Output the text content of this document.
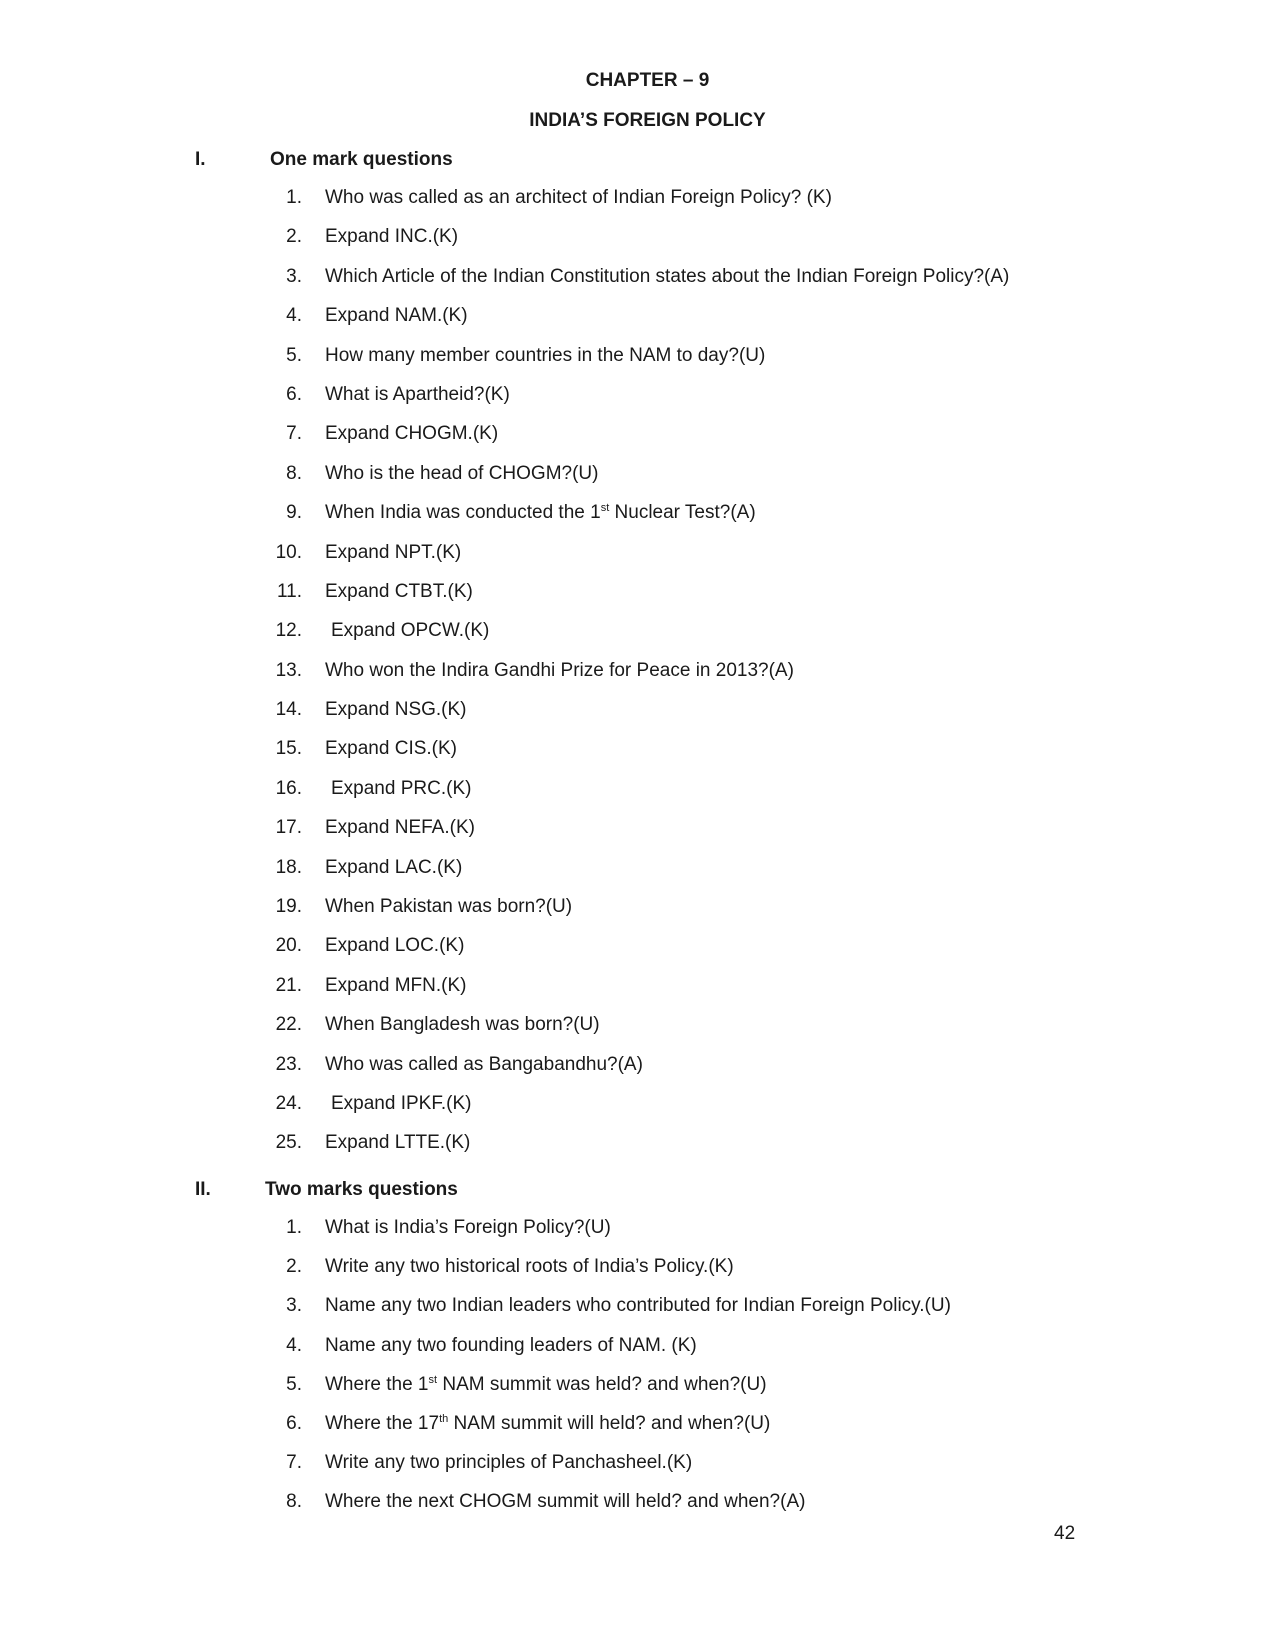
CHAPTER – 9
INDIA’S FOREIGN POLICY
I.	One mark questions
1. Who was called as an architect of Indian Foreign Policy? (K)
2. Expand INC.(K)
3. Which Article of the Indian Constitution states about the Indian Foreign Policy?(A)
4. Expand NAM.(K)
5. How many member countries in the NAM to day?(U)
6. What is Apartheid?(K)
7. Expand CHOGM.(K)
8. Who is the head of CHOGM?(U)
9. When India was conducted the 1st Nuclear Test?(A)
10. Expand NPT.(K)
11. Expand CTBT.(K)
12. Expand OPCW.(K)
13. Who won the Indira Gandhi Prize for Peace in 2013?(A)
14. Expand NSG.(K)
15. Expand CIS.(K)
16. Expand PRC.(K)
17. Expand NEFA.(K)
18. Expand LAC.(K)
19. When Pakistan was born?(U)
20. Expand LOC.(K)
21. Expand MFN.(K)
22. When Bangladesh was born?(U)
23. Who was called as Bangabandhu?(A)
24. Expand IPKF.(K)
25. Expand LTTE.(K)
II.	Two marks questions
1. What is India’s Foreign Policy?(U)
2. Write any two historical roots of India’s Policy.(K)
3. Name any two Indian leaders who contributed for Indian Foreign Policy.(U)
4. Name any two founding leaders of NAM. (K)
5. Where the 1st NAM summit was held? and when?(U)
6. Where the 17th NAM summit will held? and when?(U)
7. Write any two principles of Panchasheel.(K)
8. Where the next CHOGM summit will held? and when?(A)
42
